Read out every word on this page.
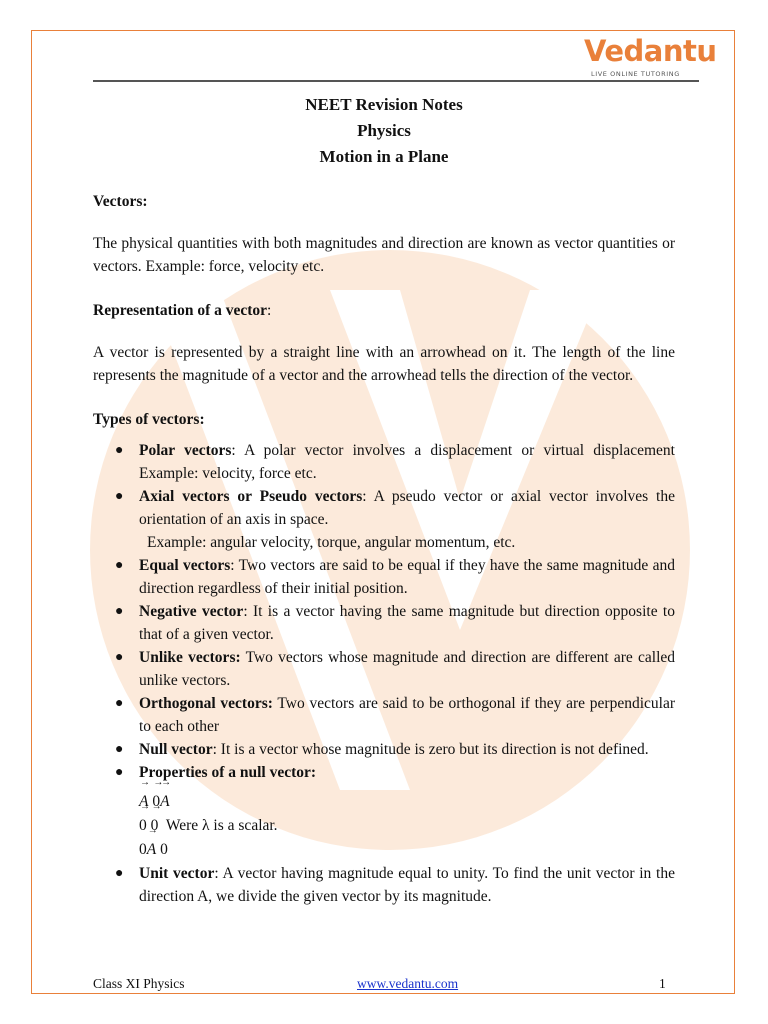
Vedantu
LIVE ONLINE TUTORING
NEET Revision Notes
Physics
Motion in a Plane

Vectors:

The physical quantities with both magnitudes and direction are known as vector quantities or vectors. Example: force, velocity etc.

Representation of a vector:

A vector is represented by a straight line with an arrowhead on it. The length of the line represents the magnitude of a vector and the arrowhead tells the direction of the vector.

Types of vectors:

● Polar vectors: A polar vector involves a displacement or virtual displacement Example: velocity, force etc.
● Axial vectors or Pseudo vectors: A pseudo vector or axial vector involves the orientation of an axis in space.
Example: angular velocity, torque, angular momentum, etc.
● Equal vectors: Two vectors are said to be equal if they have the same magnitude and direction regardless of their initial position.
● Negative vector: It is a vector having the same magnitude but direction opposite to that of a given vector.
● Unlike vectors: Two vectors whose magnitude and direction are different are called unlike vectors.
● Orthogonal vectors: Two vectors are said to be orthogonal if they are perpendicular to each other
● Null vector: It is a vector whose magnitude is zero but its direction is not defined.
● Properties of a null vector:
→ A → 0→ A
→ 0 → 0 Were λ is a scalar.
0→ A 0
● Unit vector: A vector having magnitude equal to unity. To find the unit vector in the direction A, we divide the given vector by its magnitude.
Class XI Physics	www.vedantu.com	1
